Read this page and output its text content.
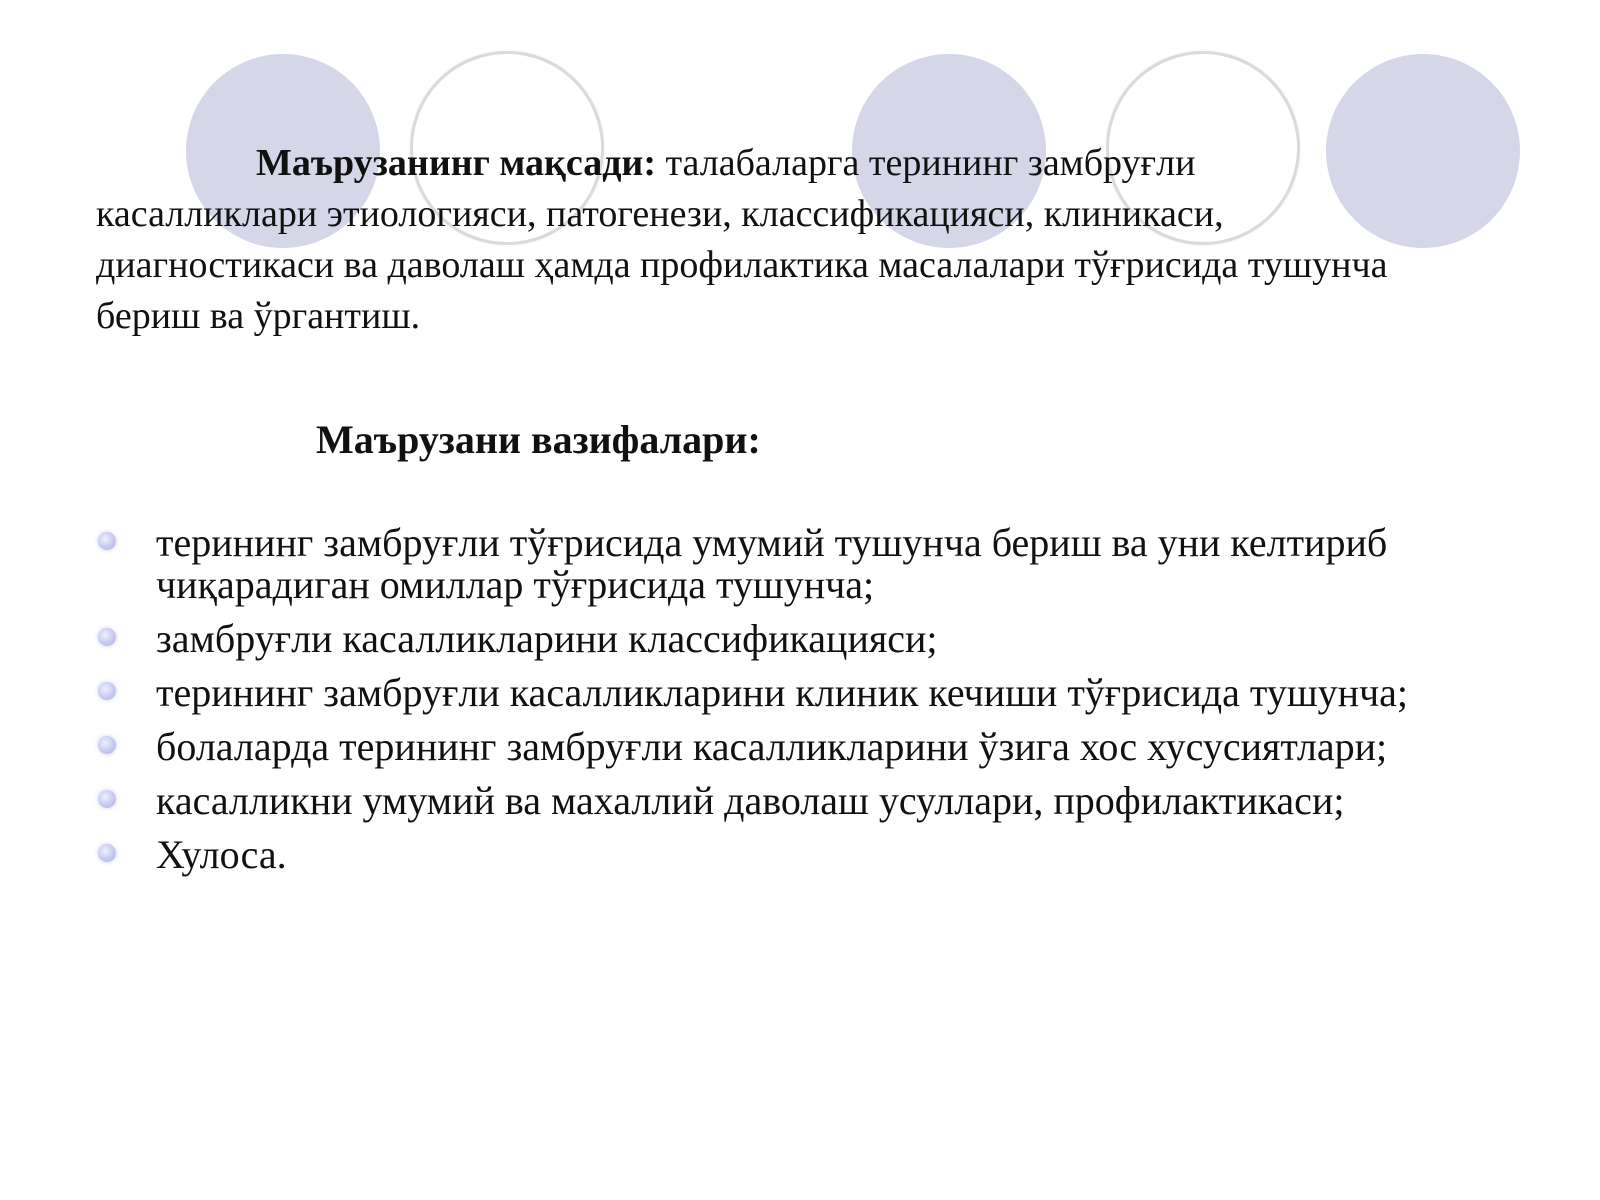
Маърузанинг мақсади: талабаларга терининг замбруғли касалликлари этиологияси, патогенези, классификацияси, клиникаси, диагностикаси ва даволаш ҳамда профилактика масалалари тўғрисида тушунча бериш ва ўргантиш.

Маърузани вазифалари:
терининг замбруғли тўғрисида умумий тушунча бериш ва уни келтириб чиқарадиган омиллар тўғрисида тушунча;
замбруғли касалликларини классификацияси;
терининг замбруғли касалликларини клиник кечиши тўғрисида тушунча;
болаларда терининг замбруғли касалликларини ўзига хос хусусиятлари;
касалликни умумий ва махаллий даволаш усуллари, профилактикаси;
Хулоса.
